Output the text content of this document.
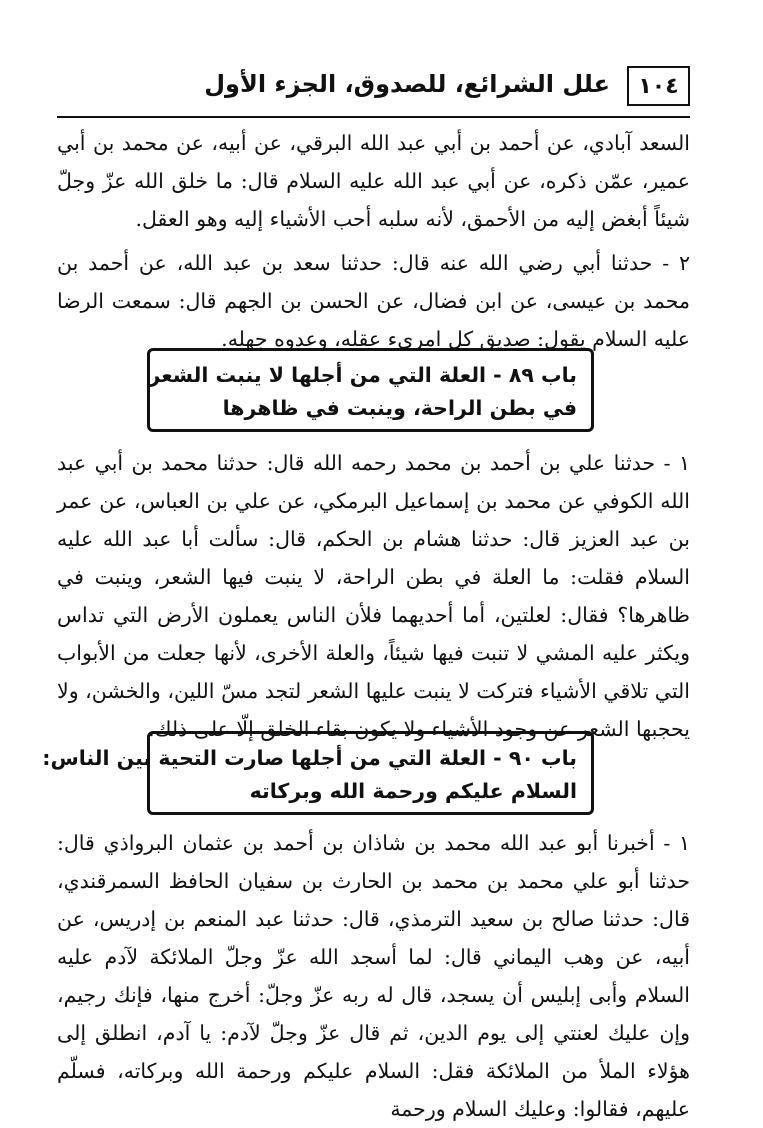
١٠٤
علل الشرائع، للصدوق، الجزء الأول

السعد آبادي، عن أحمد بن أبي عبد الله البرقي، عن أبيه، عن محمد بن أبي عمير، عمّن ذكره، عن أبي عبد الله عليه السلام قال: ما خلق الله عزّ وجلّ شيئاً أبغض إليه من الأحمق، لأنه سلبه أحب الأشياء إليه وهو العقل.

٢ - حدثنا أبي رضي الله عنه قال: حدثنا سعد بن عبد الله، عن أحمد بن محمد بن عيسى، عن ابن فضال، عن الحسن بن الجهم قال: سمعت الرضا عليه السلام يقول: صديق كل امرىء عقله، وعدوه جهله.

باب ٨٩ - العلة التي من أجلها لا ينبت الشعر
في بطن الراحة، وينبت في ظاهرها

١ - حدثنا علي بن أحمد بن محمد رحمه الله قال: حدثنا محمد بن أبي عبد الله الكوفي عن محمد بن إسماعيل البرمكي، عن علي بن العباس، عن عمر بن عبد العزيز قال: حدثنا هشام بن الحكم، قال: سألت أبا عبد الله عليه السلام فقلت: ما العلة في بطن الراحة، لا ينبت فيها الشعر، وينبت في ظاهرها؟ فقال: لعلتين، أما أحديهما فلأن الناس يعملون الأرض التي تداس ويكثر عليه المشي لا تنبت فيها شيئاً، والعلة الأخرى، لأنها جعلت من الأبواب التي تلاقي الأشياء فتركت لا ينبت عليها الشعر لتجد مسّ اللين، والخشن، ولا يحجبها الشعر عن وجود الأشياء ولا يكون بقاء الخلق إلّا على ذلك.

باب ٩٠ - العلة التي من أجلها صارت التحية بين الناس:
السلام عليكم ورحمة الله وبركاته

١ - أخبرنا أبو عبد الله محمد بن شاذان بن أحمد بن عثمان البرواذي قال: حدثنا أبو علي محمد بن محمد بن الحارث بن سفيان الحافظ السمرقندي، قال: حدثنا صالح بن سعيد الترمذي، قال: حدثنا عبد المنعم بن إدريس، عن أبيه، عن وهب اليماني قال: لما أسجد الله عزّ وجلّ الملائكة لآدم عليه السلام وأبى إبليس أن يسجد، قال له ربه عزّ وجلّ: أخرج منها، فإنك رجيم، وإن عليك لعنتي إلى يوم الدين، ثم قال عزّ وجلّ لآدم: يا آدم، انطلق إلى هؤلاء الملأ من الملائكة فقل: السلام عليكم ورحمة الله وبركاته، فسلّم عليهم، فقالوا: وعليك السلام ورحمة
